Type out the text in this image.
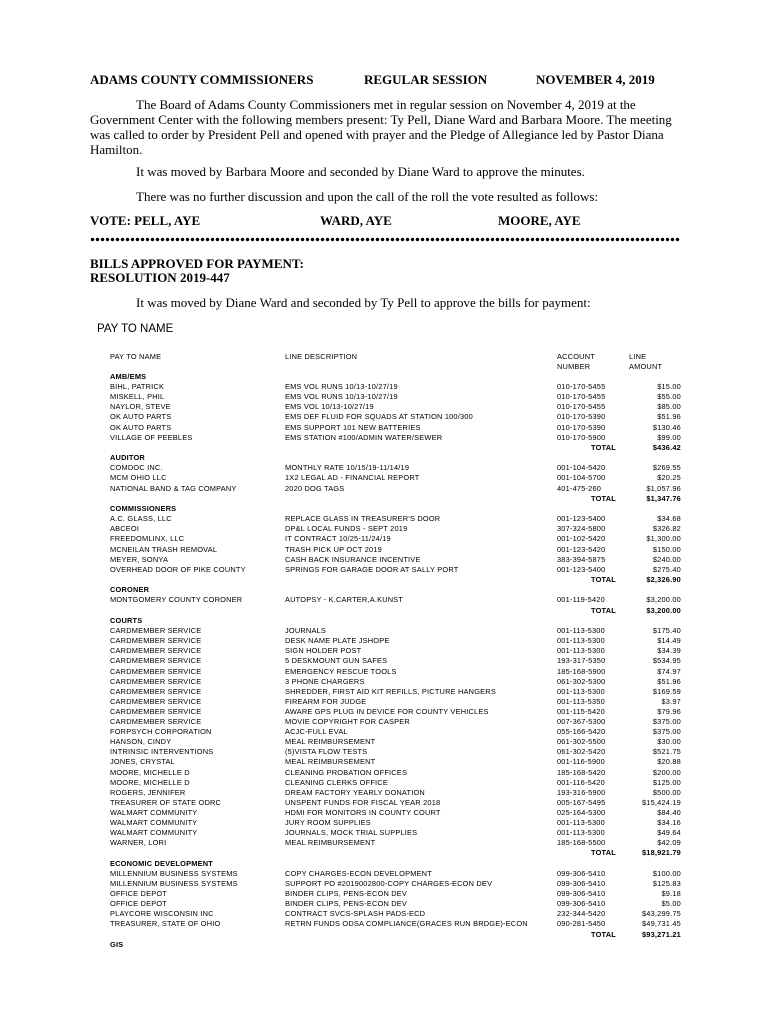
ADAMS COUNTY COMMISSIONERS	REGULAR SESSION	NOVEMBER 4, 2019
The Board of Adams County Commissioners met in regular session on November 4, 2019 at the Government Center with the following members present: Ty Pell, Diane Ward and Barbara Moore. The meeting was called to order by President Pell and opened with prayer and the Pledge of Allegiance led by Pastor Diana Hamilton.
It was moved by Barbara Moore and seconded by Diane Ward to approve the minutes.
There was no further discussion and upon the call of the roll the vote resulted as follows:
VOTE: PELL, AYE	WARD, AYE	MOORE, AYE
BILLS APPROVED FOR PAYMENT:
RESOLUTION 2019-447
It was moved by Diane Ward and seconded by Ty Pell to approve the bills for payment:
PAY TO NAME
PAY TO NAME	LINE DESCRIPTION	ACCOUNT	LINE
NUMBER	AMOUNT
AMB/EMS
BIHL, PATRICK	EMS VOL RUNS 10/13-10/27/19	010-170-5455	$15.00
MISKELL, PHIL	EMS VOL RUNS 10/13-10/27/19	010-170-5455	$55.00
NAYLOR, STEVE	EMS VOL 10/13-10/27/19	010-170-5455	$85.00
OK AUTO PARTS	EMS DEF FLUID FOR SQUADS AT STATION 100/300	010-170-5390	$51.96
OK AUTO PARTS	EMS SUPPORT 101 NEW BATTERIES	010-170-5390	$130.46
VILLAGE OF PEEBLES	EMS STATION #100/ADMIN WATER/SEWER	010-170-5900	$99.00
TOTAL	$436.42
AUDITOR
COMDOC INC.	MONTHLY RATE 10/15/19-11/14/19	001-104-5420	$269.55
MCM OHIO LLC	1X2 LEGAL AD - FINANCIAL REPORT	001-104-5700	$20.25
NATIONAL BAND & TAG COMPANY	2020 DOG TAGS	401-475-260	$1,057.96
TOTAL	$1,347.76
COMMISSIONERS
A.C. GLASS, LLC	REPLACE GLASS IN TREASURER'S DOOR	001-123-5400	$34.68
ABCEOI	DP&L LOCAL FUNDS - SEPT 2019	307-324-5800	$326.82
FREEDOMLINX, LLC	IT CONTRACT 10/25-11/24/19	001-102-5420	$1,300.00
MCNEILAN TRASH REMOVAL	TRASH PICK UP OCT 2019	001-123-5420	$150.00
MEYER, SONYA	CASH BACK INSURANCE INCENTIVE	383-394-5875	$240.00
OVERHEAD DOOR OF PIKE COUNTY	SPRINGS FOR GARAGE DOOR AT SALLY PORT	001-123-5400	$275.40
TOTAL	$2,326.90
CORONER
MONTGOMERY COUNTY CORONER	AUTOPSY - K.CARTER,A.KUNST	001-119-5420	$3,200.00
TOTAL	$3,200.00
COURTS
CARDMEMBER SERVICE	JOURNALS	001-113-5300	$175.40
CARDMEMBER SERVICE	DESK NAME PLATE JSHOPE	001-113-5300	$14.49
CARDMEMBER SERVICE	SIGN HOLDER POST	001-113-5300	$34.39
CARDMEMBER SERVICE	5 DESKMOUNT GUN SAFES	193-317-5350	$534.95
CARDMEMBER SERVICE	EMERGENCY RESCUE TOOLS	185-168-5900	$74.97
CARDMEMBER SERVICE	3 PHONE CHARGERS	061-302-5300	$51.96
CARDMEMBER SERVICE	SHREDDER, FIRST AID KIT REFILLS, PICTURE HANGERS	001-113-5300	$169.59
CARDMEMBER SERVICE	FIREARM FOR JUDGE	001-113-5350	$3.97
CARDMEMBER SERVICE	AWARE GPS PLUG IN DEVICE FOR COUNTY VEHICLES	001-115-5420	$79.96
CARDMEMBER SERVICE	MOVIE COPYRIGHT FOR CASPER	007-367-5300	$375.00
FORPSYCH CORPORATION	ACJC-FULL EVAL	055-166-5420	$375.00
HANSON, CINDY	MEAL REIMBURSEMENT	061-302-5500	$30.00
INTRINSIC INTERVENTIONS	(5)VISTA FLOW TESTS	061-302-5420	$521.75
JONES, CRYSTAL	MEAL REIMBURSEMENT	001-116-5900	$20.88
MOORE, MICHELLE D	CLEANING PROBATION OFFICES	185-168-5420	$200.00
MOORE, MICHELLE D	CLEANING CLERKS OFFICE	001-116-5420	$125.00
ROGERS, JENNIFER	DREAM FACTORY YEARLY DONATION	193-316-5900	$500.00
TREASURER OF STATE ODRC	UNSPENT FUNDS FOR FISCAL YEAR 2018	005-167-5495	$15,424.19
WALMART COMMUNITY	HDMI FOR MONITORS IN COUNTY COURT	025-164-5300	$84.40
WALMART COMMUNITY	JURY ROOM SUPPLIES	001-113-5300	$34.16
WALMART COMMUNITY	JOURNALS, MOCK TRIAL SUPPLIES	001-113-5300	$49.64
WARNER, LORI	MEAL REIMBURSEMENT	185-168-5500	$42.09
TOTAL	$18,921.79
ECONOMIC DEVELOPMENT
MILLENNIUM BUSINESS SYSTEMS	COPY CHARGES-ECON DEVELOPMENT	099-306-5410	$100.00
MILLENNIUM BUSINESS SYSTEMS	SUPPORT PO #2019002800-COPY CHARGES-ECON DEV	099-306-5410	$125.83
OFFICE DEPOT	BINDER CLIPS, PENS-ECON DEV	099-306-5410	$9.18
OFFICE DEPOT	BINDER CLIPS, PENS-ECON DEV	099-306-5410	$5.00
PLAYCORE WISCONSIN INC	CONTRACT SVCS-SPLASH PADS-ECD	232-344-5420	$43,299.75
TREASURER, STATE OF OHIO	RETRN FUNDS ODSA COMPLIANCE(GRACES RUN BRDGE)-ECON	090-281-5450	$49,731.45
TOTAL	$93,271.21
GIS
